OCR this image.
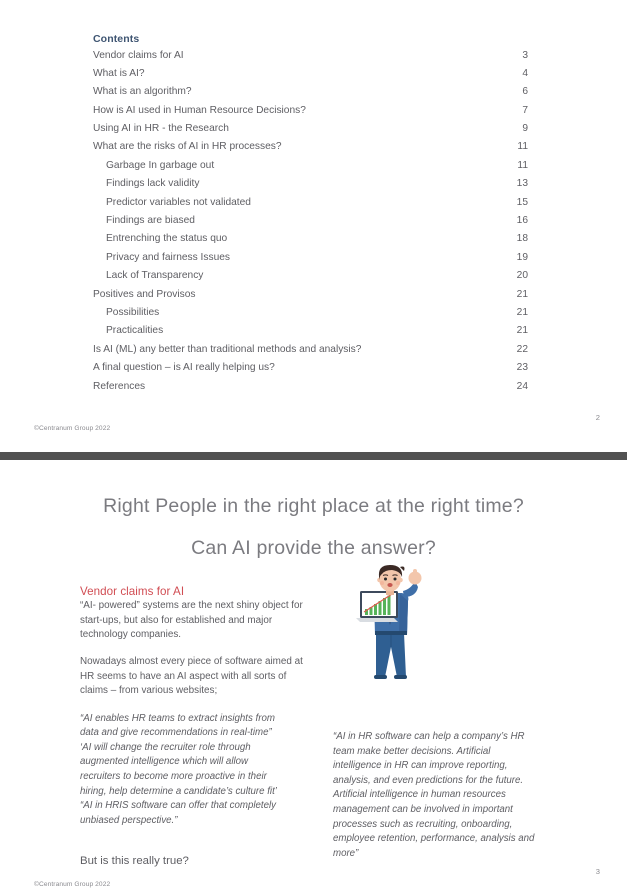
Contents
Vendor claims for AI	3
What is AI?	4
What is an algorithm?	6
How is AI used in Human Resource Decisions?	7
Using AI in HR - the Research	9
What are the risks of AI in HR processes?	11
Garbage In garbage out	11
Findings lack validity	13
Predictor variables not validated	15
Findings are biased	16
Entrenching the status quo	18
Privacy and fairness Issues	19
Lack of Transparency	20
Positives and Provisos	21
Possibilities	21
Practicalities	21
Is AI (ML) any better than traditional methods and analysis?	22
A final question – is AI really helping us?	23
References	24
©Centranum Group 2022
2
Right People in the right place at the right time?
Can AI provide the answer?
Vendor claims for AI
“AI- powered” systems are the next shiny object for start-ups, but also for established and major technology companies.
Nowadays almost every piece of software aimed at HR seems to have an AI aspect with all sorts of claims – from various websites;
“AI enables HR teams to extract insights from
data and give recommendations in real-time”
‘AI will change the recruiter role through
augmented intelligence which will allow
recruiters to become more proactive in their
hiring, help determine a candidate’s culture fit’
“AI in HRIS software can offer that completely
unbiased perspective.”
“AI in HR software can help a company’s HR
team make better decisions. Artificial
intelligence in HR can improve reporting,
analysis, and even predictions for the future.
Artificial intelligence in human resources
management can be involved in important
processes such as recruiting, onboarding,
employee retention, performance, analysis and
more”
But is this really true?
©Centranum Group 2022
3
